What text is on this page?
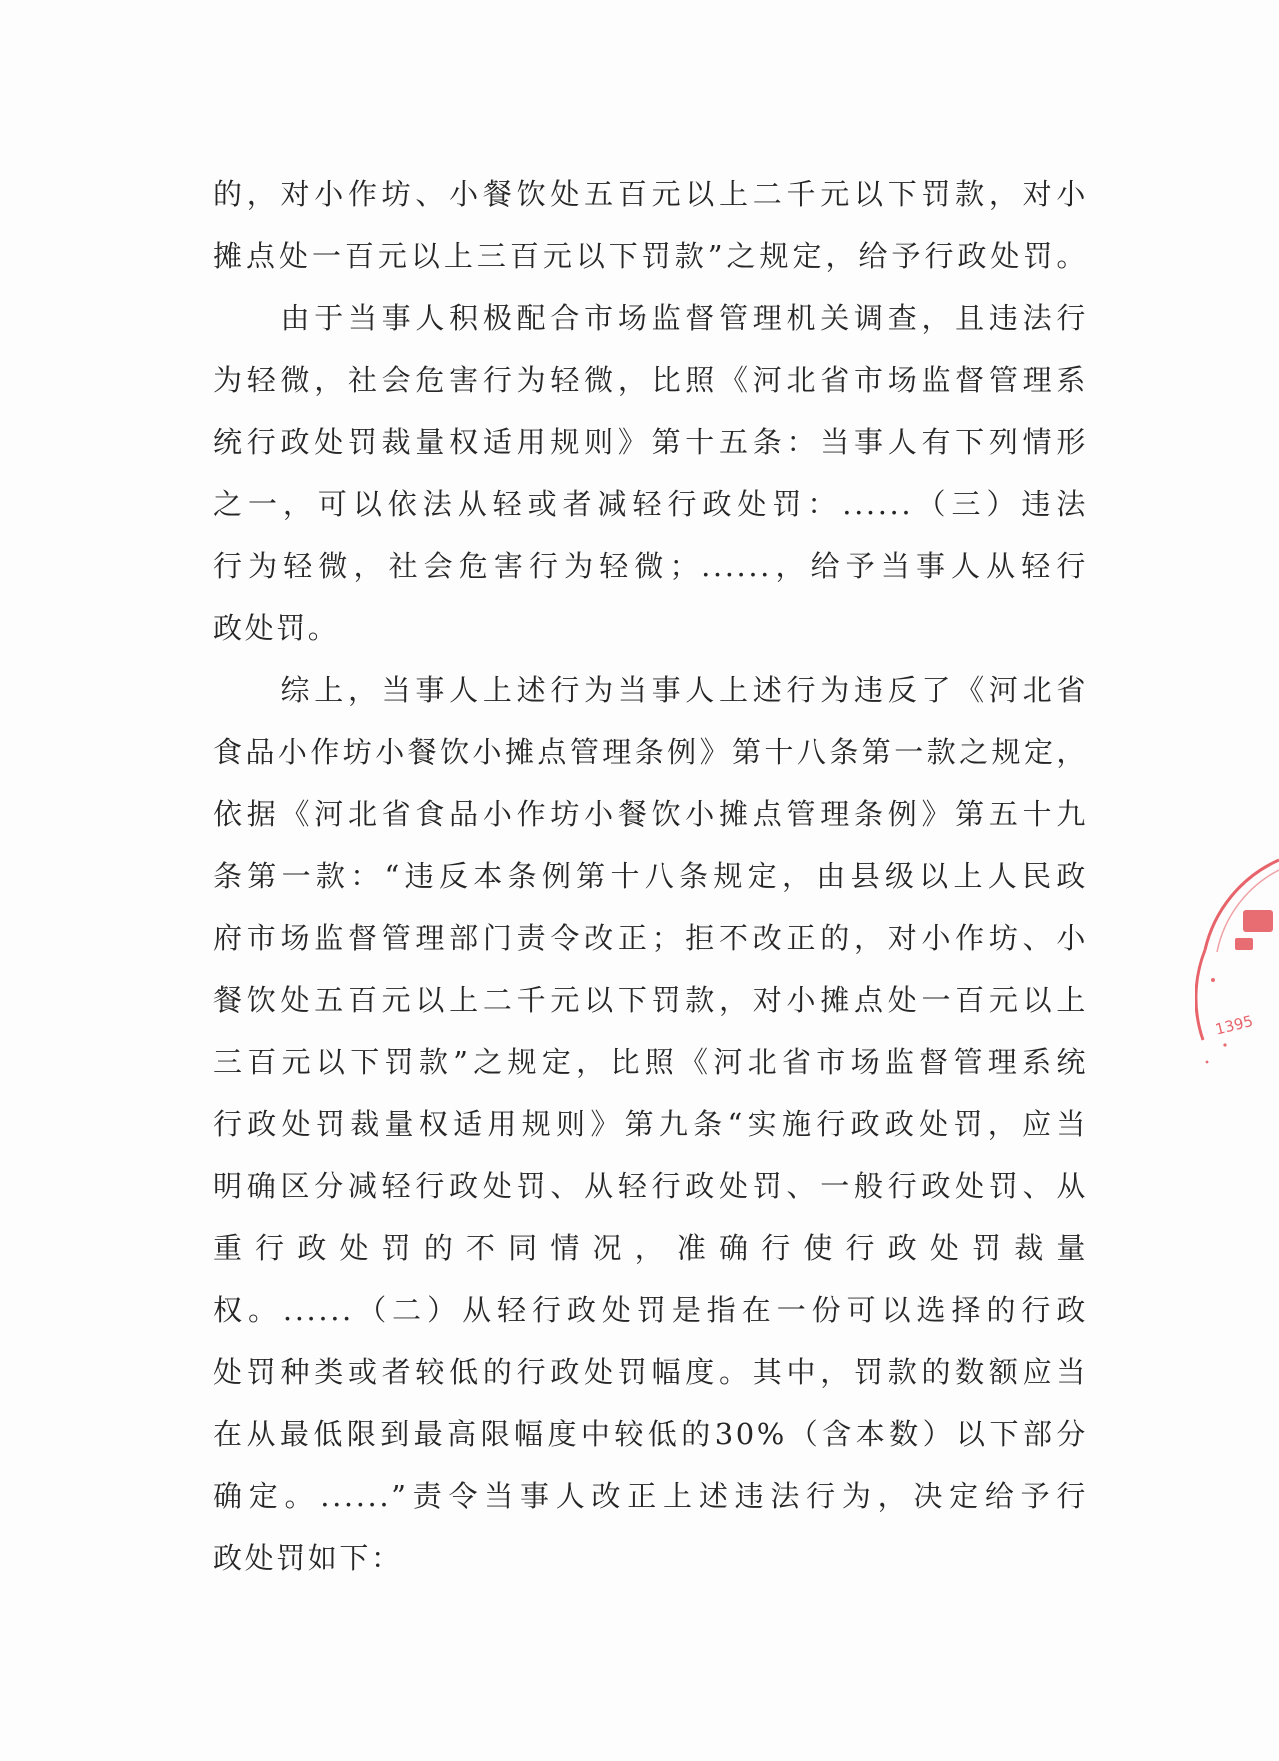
的，对小作坊、小餐饮处五百元以上二千元以下罚款，对小
摊点处一百元以上三百元以下罚款”之规定，给予行政处罚。
　　由于当事人积极配合市场监督管理机关调查，且违法行
为轻微，社会危害行为轻微，比照《河北省市场监督管理系
统行政处罚裁量权适用规则》第十五条：当事人有下列情形
之一，可以依法从轻或者减轻行政处罚：......（三）违法
行为轻微，社会危害行为轻微；......，给予当事人从轻行
政处罚。
　　综上，当事人上述行为当事人上述行为违反了《河北省
食品小作坊小餐饮小摊点管理条例》第十八条第一款之规定，
依据《河北省食品小作坊小餐饮小摊点管理条例》第五十九
条第一款：“违反本条例第十八条规定，由县级以上人民政
府市场监督管理部门责令改正；拒不改正的，对小作坊、小
餐饮处五百元以上二千元以下罚款，对小摊点处一百元以上
三百元以下罚款”之规定，比照《河北省市场监督管理系统
行政处罚裁量权适用规则》第九条“实施行政政处罚，应当
明确区分减轻行政处罚、从轻行政处罚、一般行政处罚、从
重行政处罚的不同情况，准确行使行政处罚裁量
权。......（二）从轻行政处罚是指在一份可以选择的行政
处罚种类或者较低的行政处罚幅度。其中，罚款的数额应当
在从最低限到最高限幅度中较低的30%（含本数）以下部分
确定。......”责令当事人改正上述违法行为，决定给予行
政处罚如下：
1395
